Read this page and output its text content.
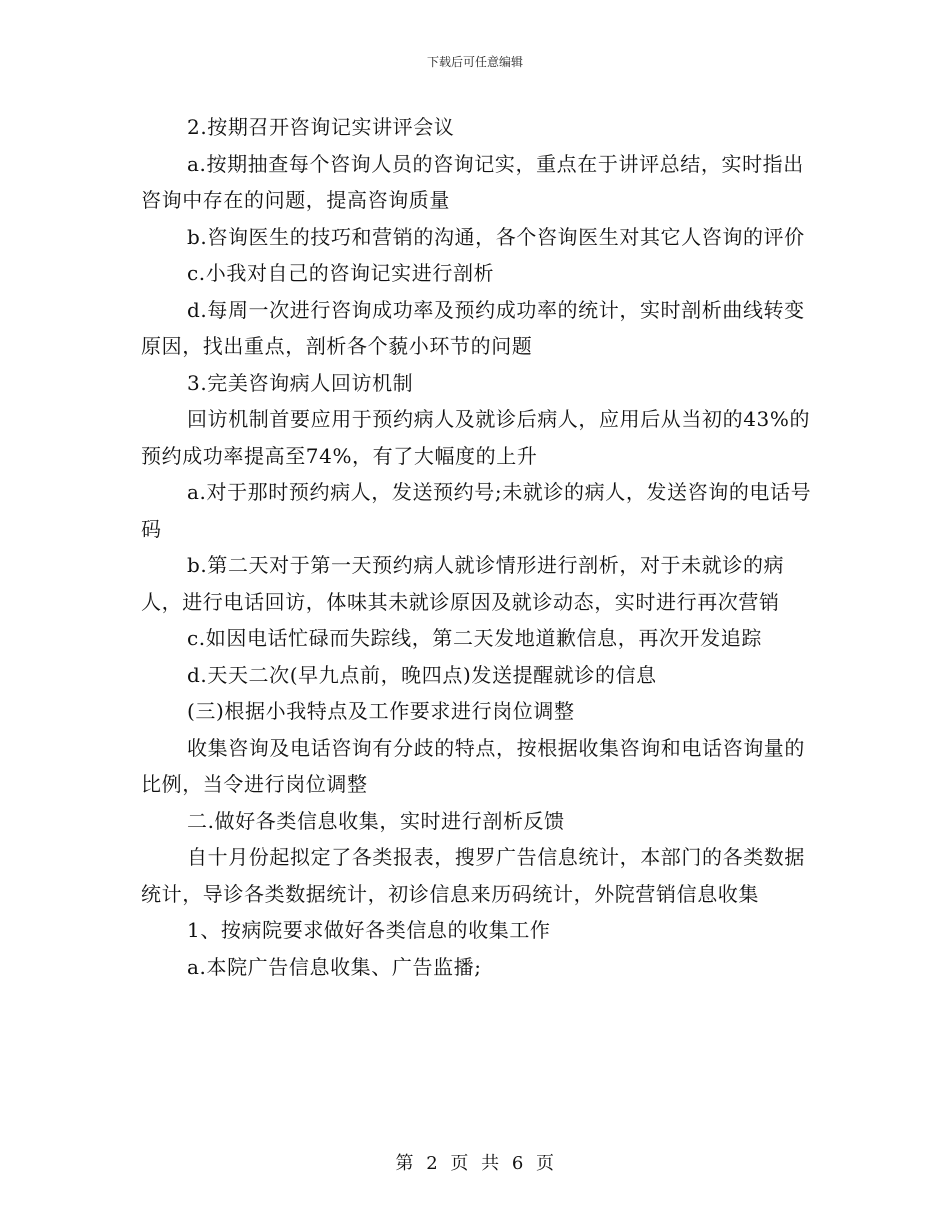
下载后可任意编辑

2.按期召开咨询记实讲评会议

a.按期抽查每个咨询人员的咨询记实，重点在于讲评总结，实时指出咨询中存在的问题，提高咨询质量

b.咨询医生的技巧和营销的沟通，各个咨询医生对其它人咨询的评价

c.小我对自己的咨询记实进行剖析

d.每周一次进行咨询成功率及预约成功率的统计，实时剖析曲线转变原因，找出重点，剖析各个藐小环节的问题

3.完美咨询病人回访机制

回访机制首要应用于预约病人及就诊后病人，应用后从当初的43%的预约成功率提高至74%，有了大幅度的上升

a.对于那时预约病人，发送预约号;未就诊的病人，发送咨询的电话号码

b.第二天对于第一天预约病人就诊情形进行剖析，对于未就诊的病人，进行电话回访，体味其未就诊原因及就诊动态，实时进行再次营销

c.如因电话忙碌而失踪线，第二天发地道歉信息，再次开发追踪

d.天天二次(早九点前，晚四点)发送提醒就诊的信息

(三)根据小我特点及工作要求进行岗位调整

收集咨询及电话咨询有分歧的特点，按根据收集咨询和电话咨询量的比例，当令进行岗位调整

二.做好各类信息收集，实时进行剖析反馈

自十月份起拟定了各类报表，搜罗广告信息统计，本部门的各类数据统计，导诊各类数据统计，初诊信息来历码统计，外院营销信息收集

1、按病院要求做好各类信息的收集工作

a.本院广告信息收集、广告监播;

第 2 页 共 6 页
